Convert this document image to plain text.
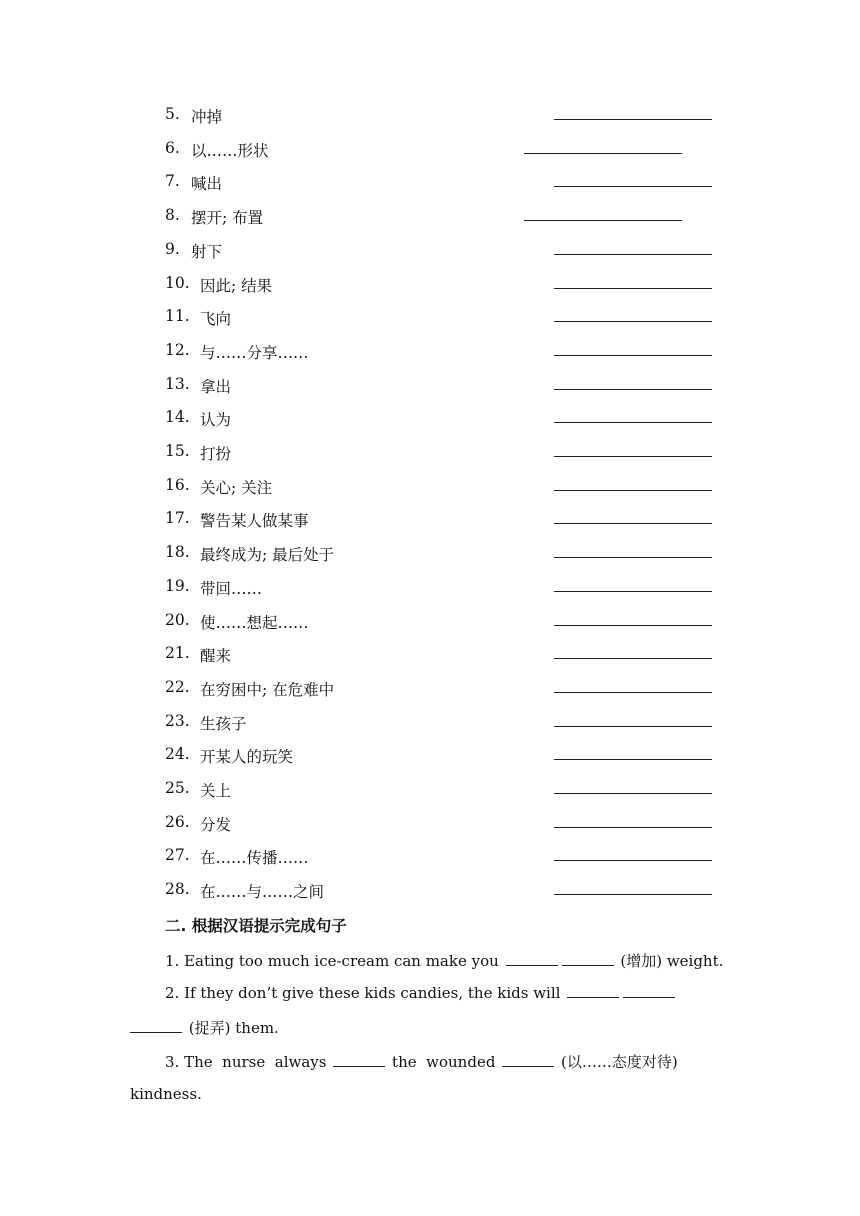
5. 冲掉
6. 以……形状
7. 喊出
8. 摆开; 布置
9. 射下
10. 因此; 结果
11. 飞向
12. 与……分享……
13. 拿出
14. 认为
15. 打扮
16. 关心; 关注
17. 警告某人做某事
18. 最终成为; 最后处于
19. 带回……
20. 使……想起……
21. 醒来
22. 在穷困中; 在危难中
23. 生孩子
24. 开某人的玩笑
25. 关上
26. 分发
27. 在……传播……
28. 在……与……之间
二. 根据汉语提示完成句子
1. Eating too much ice-cream can make you	(增加) weight.
2. If they don’t give these kids candies, the kids will
(捉弄) them.
3. The  nurse  always	the  wounded	(以……态度对待)
kindness.
